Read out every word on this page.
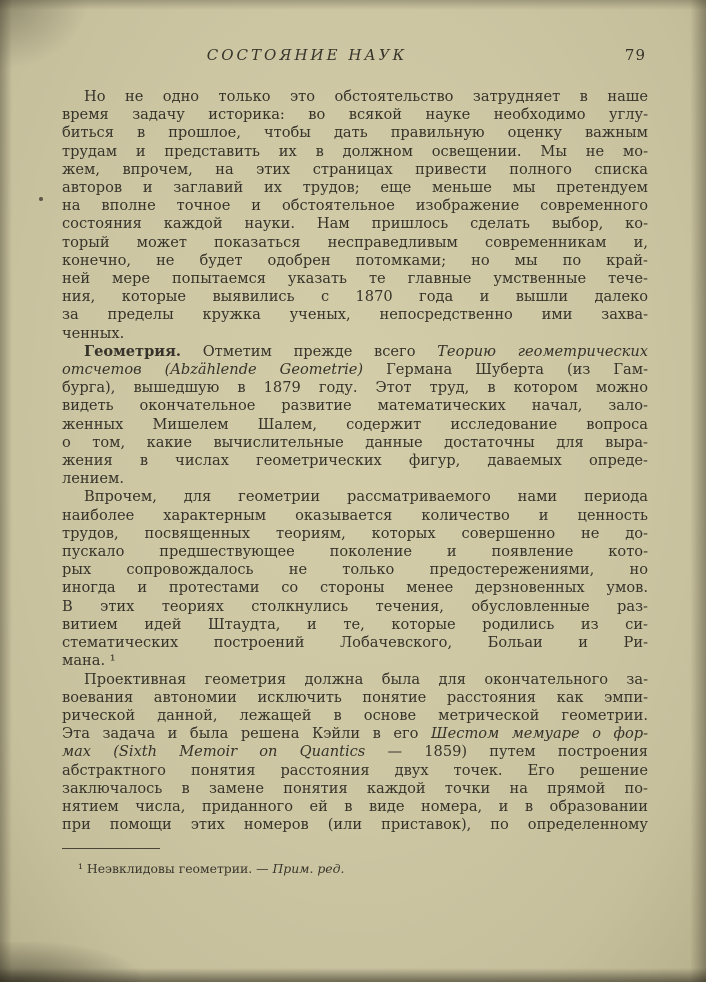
СОСТОЯНИЕ НАУК	79
Но не одно только это обстоятельство затрудняет в наше
время задачу историка: во всякой науке необходимо углу-
биться в прошлое, чтобы дать правильную оценку важным
трудам и представить их в должном освещении. Мы не мо-
жем, впрочем, на этих страницах привести полного списка
авторов и заглавий их трудов; еще меньше мы претендуем
на вполне точное и обстоятельное изображение современного
состояния каждой науки. Нам пришлось сделать выбор, ко-
торый может показаться несправедливым современникам и,
конечно, не будет одобрен потомками; но мы по край-
ней мере попытаемся указать те главные умственные тече-
ния, которые выявились с 1870 года и вышли далеко
за пределы кружка ученых, непосредственно ими захва-
ченных.
Геометрия. Отметим прежде всего Теорию геометрических
отсчетов (Abzählende Geometrie) Германа Шуберта (из Гам-
бурга), вышедшую в 1879 году. Этот труд, в котором можно
видеть окончательное развитие математических начал, зало-
женных Мишелем Шалем, содержит исследование вопроса
о том, какие вычислительные данные достаточны для выра-
жения в числах геометрических фигур, даваемых опреде-
лением.
Впрочем, для геометрии рассматриваемого нами периода
наиболее характерным оказывается количество и ценность
трудов, посвященных теориям, которых совершенно не до-
пускало предшествующее поколение и появление кото-
рых сопровождалось не только предостережениями, но
иногда и протестами со стороны менее дерзновенных умов.
В этих теориях столкнулись течения, обусловленные раз-
витием идей Штаудта, и те, которые родились из си-
стематических построений Лобачевского, Больаи и Ри-
мана. ¹
Проективная геометрия должна была для окончательного за-
воевания автономии исключить понятие расстояния как эмпи-
рической данной, лежащей в основе метрической геометрии.
Эта задача и была решена Кэйли в его Шестом мемуаре о фор-
мах (Sixth Memoir on Quantics — 1859) путем построения
абстрактного понятия расстояния двух точек. Его решение
заключалось в замене понятия каждой точки на прямой по-
нятием числа, приданного ей в виде номера, и в образовании
при помощи этих номеров (или приставок), по определенному
¹ Неэвклидовы геометрии. — Прим. ред.
